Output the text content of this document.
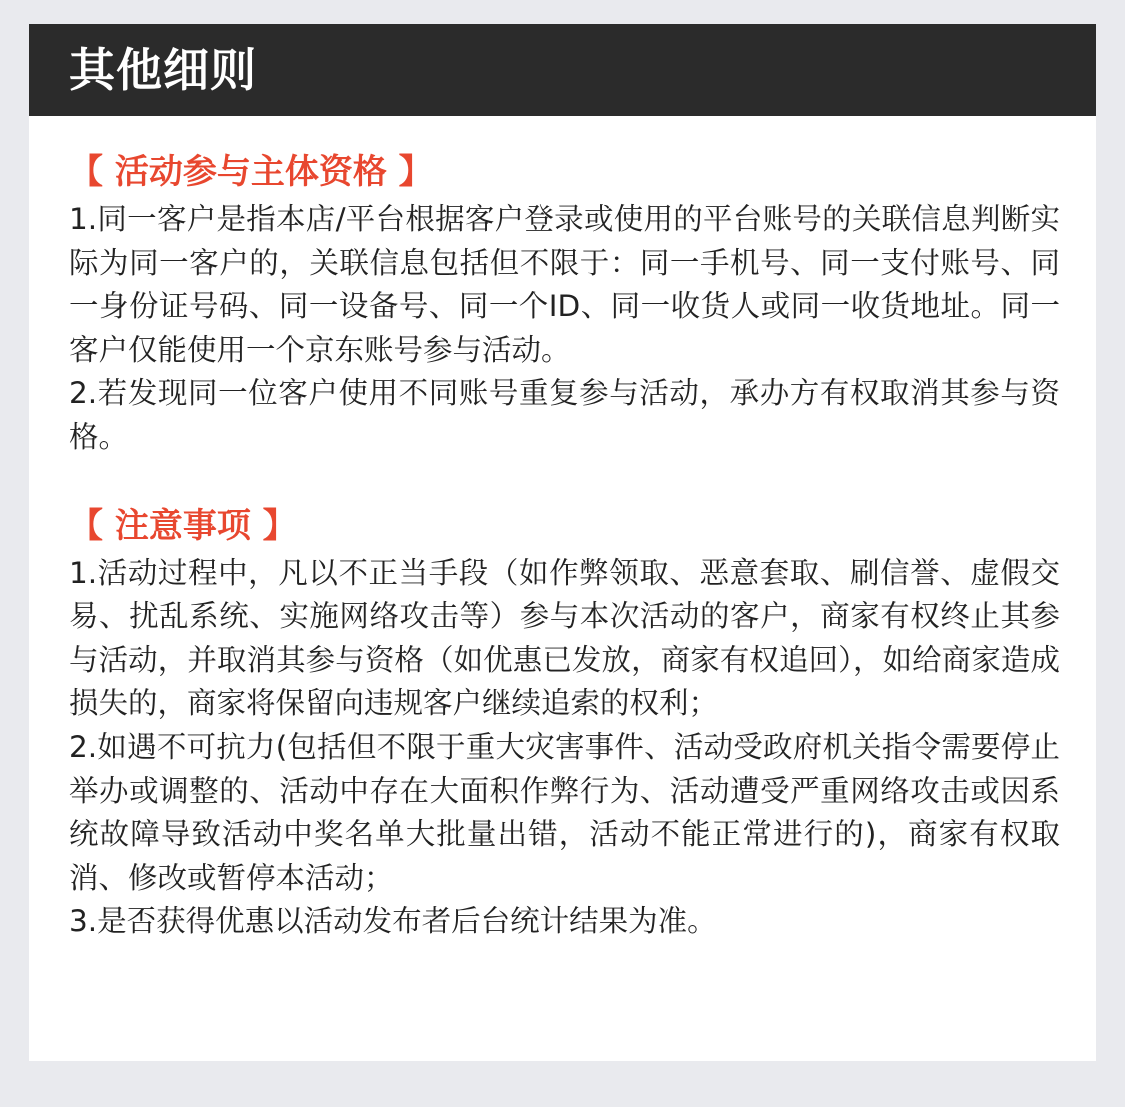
其他细则
【 活动参与主体资格 】

1.同一客户是指本店/平台根据客户登录或使用的平台账号的关联信息判断实际为同一客户的，关联信息包括但不限于：同一手机号、同一支付账号、同一身份证号码、同一设备号、同一个ID、同一收货人或同一收货地址。同一客户仅能使用一个京东账号参与活动。

2.若发现同一位客户使用不同账号重复参与活动，承办方有权取消其参与资格。

【 注意事项 】

1.活动过程中，凡以不正当手段（如作弊领取、恶意套取、刷信誉、虚假交易、扰乱系统、实施网络攻击等）参与本次活动的客户，商家有权终止其参与活动，并取消其参与资格（如优惠已发放，商家有权追回），如给商家造成损失的，商家将保留向违规客户继续追索的权利；

2.如遇不可抗力(包括但不限于重大灾害事件、活动受政府机关指令需要停止举办或调整的、活动中存在大面积作弊行为、活动遭受严重网络攻击或因系统故障导致活动中奖名单大批量出错，活动不能正常进行的)，商家有权取消、修改或暂停本活动；

3.是否获得优惠以活动发布者后台统计结果为准。
